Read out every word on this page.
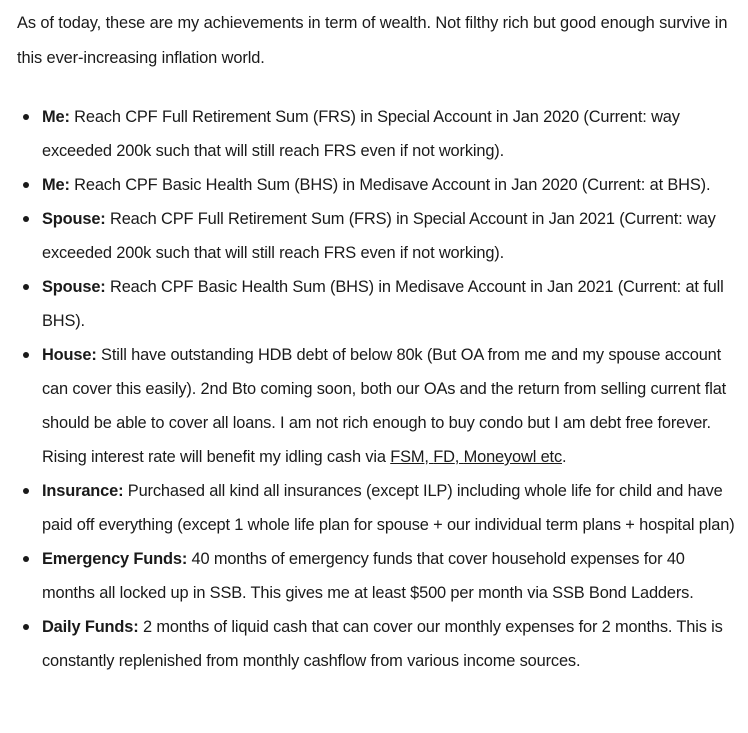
As of today, these are my achievements in term of wealth. Not filthy rich but good enough survive in this ever-increasing inflation world.

Me: Reach CPF Full Retirement Sum (FRS) in Special Account in Jan 2020 (Current: way exceeded 200k such that will still reach FRS even if not working).
Me: Reach CPF Basic Health Sum (BHS) in Medisave Account in Jan 2020 (Current: at BHS).
Spouse: Reach CPF Full Retirement Sum (FRS) in Special Account in Jan 2021 (Current: way exceeded 200k such that will still reach FRS even if not working).
Spouse: Reach CPF Basic Health Sum (BHS) in Medisave Account in Jan 2021 (Current: at full BHS).
House: Still have outstanding HDB debt of below 80k (But OA from me and my spouse account can cover this easily). 2nd Bto coming soon, both our OAs and the return from selling current flat should be able to cover all loans. I am not rich enough to buy condo but I am debt free forever. Rising interest rate will benefit my idling cash via FSM, FD, Moneyowl etc.
Insurance: Purchased all kind all insurances (except ILP) including whole life for child and have paid off everything (except 1 whole life plan for spouse + our individual term plans + hospital plan)
Emergency Funds: 40 months of emergency funds that cover household expenses for 40 months all locked up in SSB. This gives me at least $500 per month via SSB Bond Ladders.
Daily Funds: 2 months of liquid cash that can cover our monthly expenses for 2 months. This is constantly replenished from monthly cashflow from various income sources.
